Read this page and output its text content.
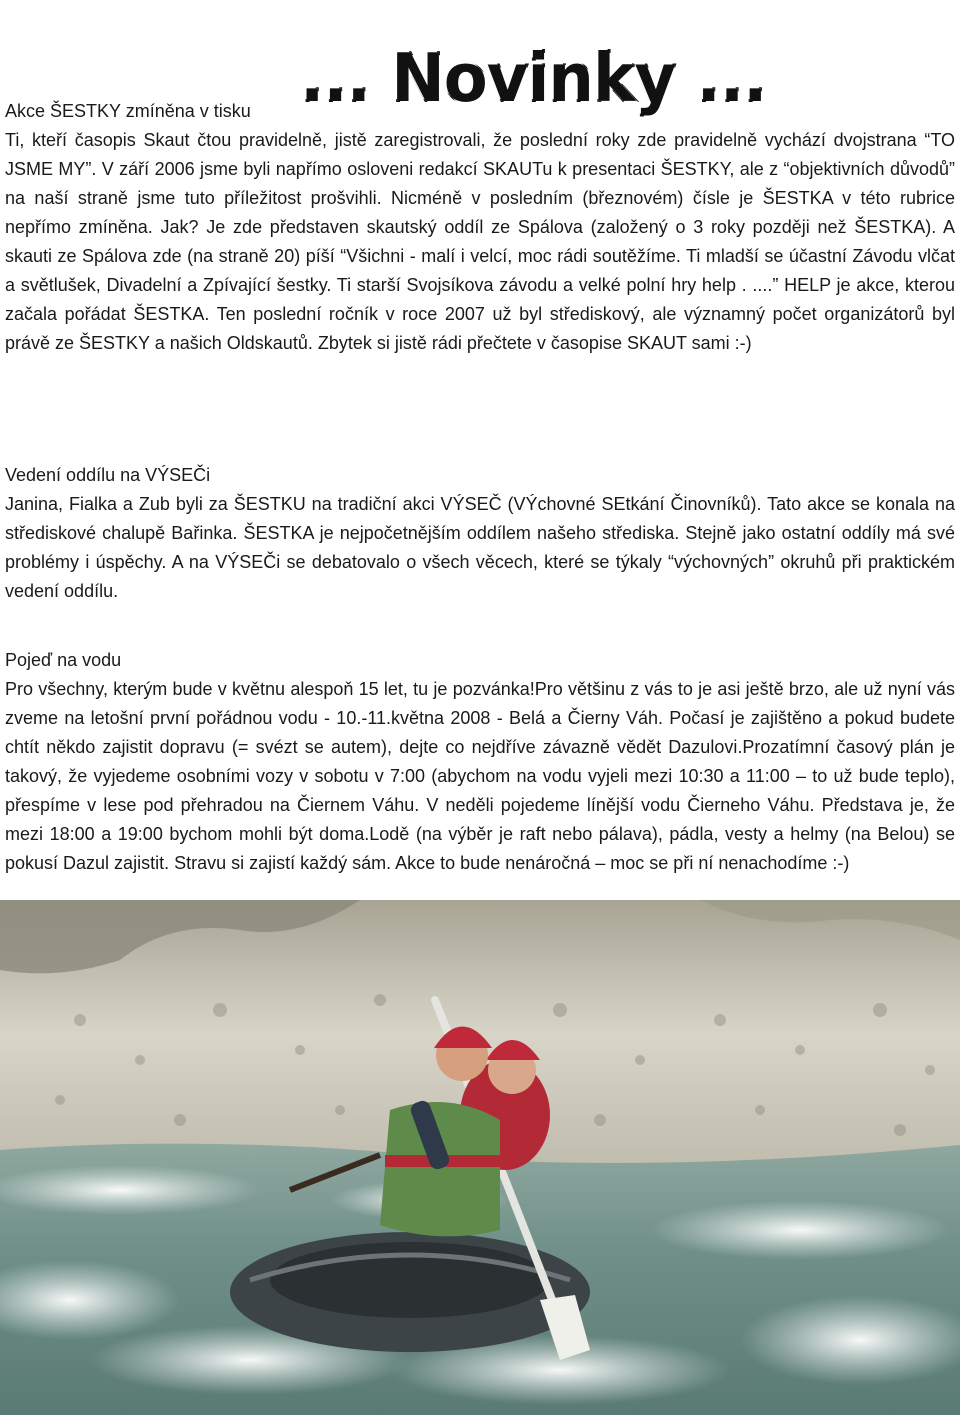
... Novinky ...

Akce ŠESTKY zmíněna v tisku

Ti, kteří časopis Skaut čtou pravidelně, jistě zaregistrovali, že poslední roky zde pravidelně vychází dvojstrana “TO JSME MY”. V září 2006 jsme byli napřímo osloveni redakcí SKAUTu k presentaci ŠESTKY, ale z “objektivních důvodů” na naší straně jsme tuto příležitost prošvihli. Nicméně v posledním (březnovém) čísle je ŠESTKA v této rubrice nepřímo zmíněna. Jak? Je zde představen skautský oddíl ze Spálova (založený o 3 roky později než ŠESTKA). A skauti ze Spálova zde (na straně 20) píší “Všichni - malí i velcí, moc rádi soutěžíme. Ti mladší se účastní Závodu vlčat a světlušek, Divadelní a Zpívající šestky. Ti starší Svojsíkova závodu a velké polní hry help . ....” HELP je akce, kterou začala pořádat ŠESTKA. Ten poslední ročník v roce 2007 už byl střediskový, ale významný počet organizátorů byl právě ze ŠESTKY a našich Oldskautů. Zbytek si jistě rádi přečtete v časopise SKAUT sami :-)

Vedení oddílu na VÝSEČi

Janina, Fialka a Zub byli za ŠESTKU na tradiční akci VÝSEČ (VÝchovné SEtkání Činovníků). Tato akce se konala na střediskové chalupě Bařinka. ŠESTKA je nejpočetnějším oddílem našeho střediska. Stejně jako ostatní oddíly má své problémy i úspěchy. A na VÝSEČi se debatovalo o všech věcech, které se týkaly “výchovných” okruhů při praktickém vedení oddílu.

Pojeď na vodu

Pro všechny, kterým bude v květnu alespoň 15 let, tu je pozvánka!Pro většinu z vás to je asi ještě brzo, ale už nyní vás zveme na letošní první pořádnou vodu - 10.-11.května 2008 - Belá a Čierny Váh. Počasí je zajištěno a pokud budete chtít někdo zajistit dopravu (= svézt se autem), dejte co nejdříve závazně vědět Dazulovi.Prozatímní časový plán je takový, že vyjedeme osobními vozy v sobotu v 7:00 (abychom na vodu vyjeli mezi 10:30 a 11:00 – to už bude teplo), přespíme v lese pod přehradou na Čiernem Váhu. V neděli pojedeme línější vodu Čierneho Váhu. Představa je, že mezi 18:00 a 19:00 bychom mohli být doma.Lodě (na výběr je raft nebo pálava), pádla, vesty a helmy (na Belou) se pokusí Dazul zajistit. Stravu si zajistí každý sám. Akce to bude nenáročná – moc se při ní nenachodíme :-)
